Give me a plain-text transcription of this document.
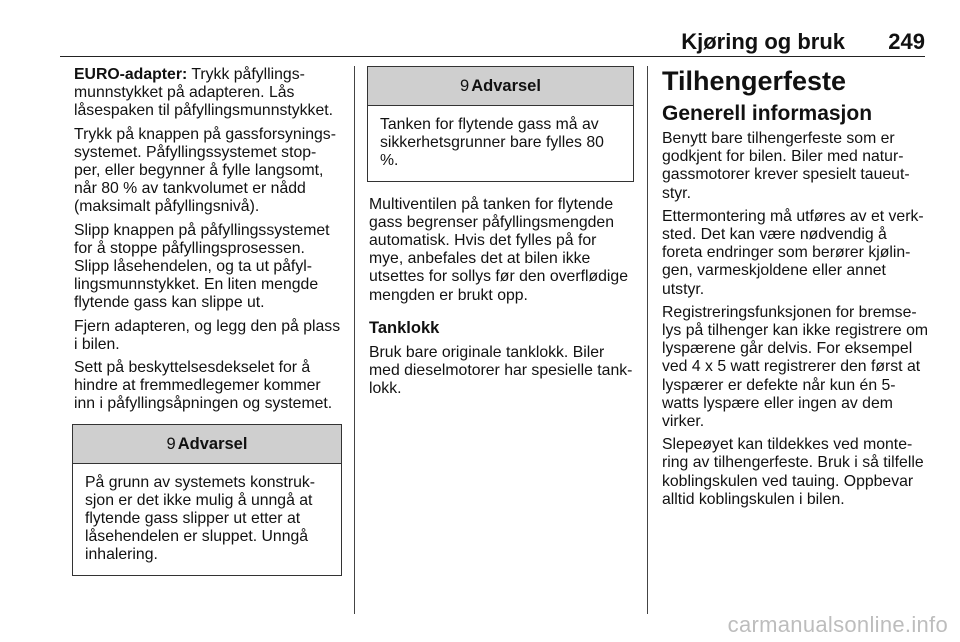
Kjøring og bruk 249

EURO-adapter: Trykk påfyllings-munnstykket på adapteren. Lås låsespaken til påfyllingsmunnstykket.

Trykk på knappen på gassforsynings-systemet. Påfyllingssystemet stop-per, eller begynner å fylle langsomt, når 80 % av tankvolumet er nådd (maksimalt påfyllingsnivå).

Slipp knappen på påfyllingssystemet for å stoppe påfyllingsprosessen. Slipp låsehendelen, og ta ut påfyl-lingsmunnstykket. En liten mengde flytende gass kan slippe ut.

Fjern adapteren, og legg den på plass i bilen.

Sett på beskyttelsesdekselet for å hindre at fremmedlegemer kommer inn i påfyllingsåpningen og systemet.

9 Advarsel
På grunn av systemets konstruk-sjon er det ikke mulig å unngå at flytende gass slipper ut etter at låsehendelen er sluppet. Unngå inhalering.
9 Advarsel
Tanken for flytende gass må av sikkerhetsgrunner bare fylles 80 %.

Multiventilen på tanken for flytende gass begrenser påfyllingsmengden automatisk. Hvis det fylles på for mye, anbefales det at bilen ikke utsettes for sollys før den overflødige mengden er brukt opp.

Tanklokk

Bruk bare originale tanklokk. Biler med dieselmotorer har spesielle tank-lokk.

Tilhengerfeste
Generell informasjon

Benytt bare tilhengerfeste som er godkjent for bilen. Biler med natur-gassmotorer krever spesielt taueut-styr.

Ettermontering må utføres av et verk-sted. Det kan være nødvendig å foreta endringer som berører kjølin-gen, varmeskjoldene eller annet utstyr.

Registreringsfunksjonen for bremse-lys på tilhenger kan ikke registrere om lyspærene går delvis. For eksempel ved 4 x 5 watt registrerer den først at lyspærer er defekte når kun én 5-watts lyspære eller ingen av dem virker.

Slepeøyet kan tildekkes ved monte-ring av tilhengerfeste. Bruk i så tilfelle koblingskulen ved tauing. Oppbevar alltid koblingskulen i bilen.

carmanualsonline.info
